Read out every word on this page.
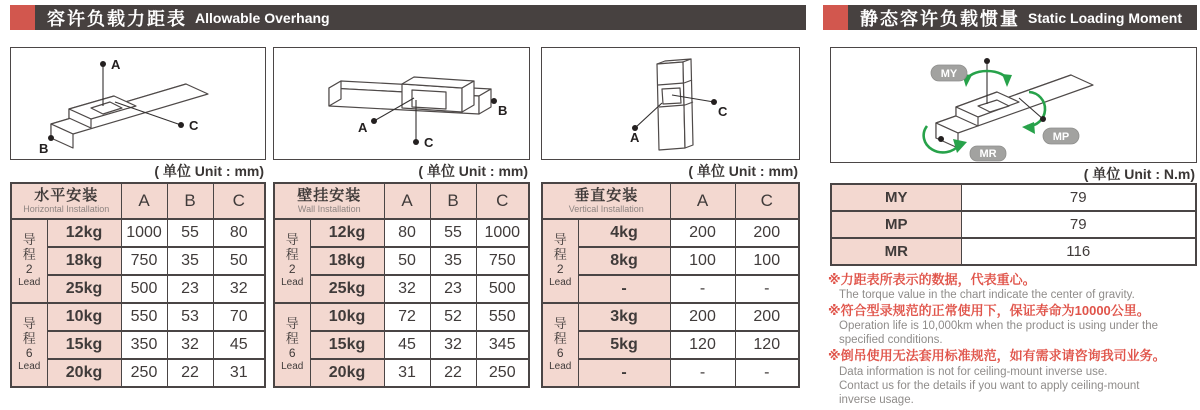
容许负载力距表 Allowable Overhang	静态容许负载惯量 Static Loading Moment
A
C
B
( 单位 Unit : mm)
A
B
C
( 单位 Unit : mm)
A
C
( 单位 Unit : mm)
MY
MP
MR
( 单位 Unit : N.m)
水平安装
Horizontal Installation		A	B	C

导程
2
Lead	12kg	1000	55	80
	18kg	750	35	50
	25kg	500	23	32

导程
6
Lead	10kg	550	53	70
	15kg	350	32	45
	20kg	250	22	31
壁挂安装
Wall Installation		A	B	C

导程
2
Lead	12kg	80	55	1000
	18kg	50	35	750
	25kg	32	23	500

导程
6
Lead	10kg	72	52	550
	15kg	45	32	345
	20kg	31	22	250
垂直安装
Vertical Installation		A	C

导程
2
Lead	4kg	200	200
	8kg	100	100
	-	-	-

导程
6
Lead	3kg	200	200
	5kg	120	120
	-	-	-
MY	79
MP	79
MR	116
※力距表所表示的数据，代表重心。
The torque value in the chart indicate the center of gravity.
※符合型录规范的正常使用下，保证寿命为10000公里。
Operation life is 10,000km when the product is using under the
specified conditions.
※倒吊使用无法套用标准规范，如有需求请咨询我司业务。
Data information is not for ceiling-mount inverse use.
Contact us for the details if you want to apply ceiling-mount
inverse usage.
